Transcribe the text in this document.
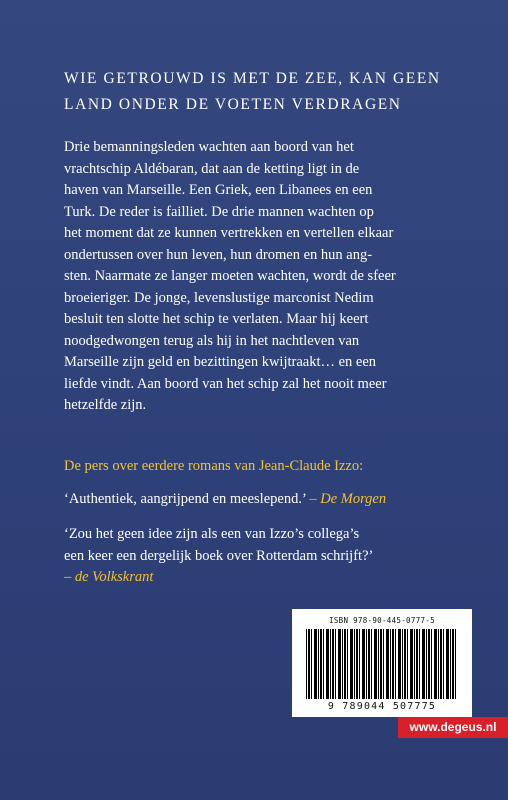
WIE GETROUWD IS MET DE ZEE, KAN GEEN
LAND ONDER DE VOETEN VERDRAGEN

Drie bemanningsleden wachten aan boord van het
vrachtschip Aldébaran, dat aan de ketting ligt in de
haven van Marseille. Een Griek, een Libanees en een
Turk. De reder is failliet. De drie mannen wachten op
het moment dat ze kunnen vertrekken en vertellen elkaar
ondertussen over hun leven, hun dromen en hun ang-
sten. Naarmate ze langer moeten wachten, wordt de sfeer
broeieriger. De jonge, levenslustige marconist Nedim
besluit ten slotte het schip te verlaten. Maar hij keert
noodgedwongen terug als hij in het nachtleven van
Marseille zijn geld en bezittingen kwijtraakt… en een
liefde vindt. Aan boord van het schip zal het nooit meer
hetzelfde zijn.

De pers over eerdere romans van Jean-Claude Izzo:
‘Authentiek, aangrijpend en meeslepend.’ – De Morgen
‘Zou het geen idee zijn als een van Izzo’s collega’s
een keer een dergelijk boek over Rotterdam schrijft?’
– de Volkskrant
ISBN 978-90-445-0777-5
9 789044 507775
www.degeus.nl
